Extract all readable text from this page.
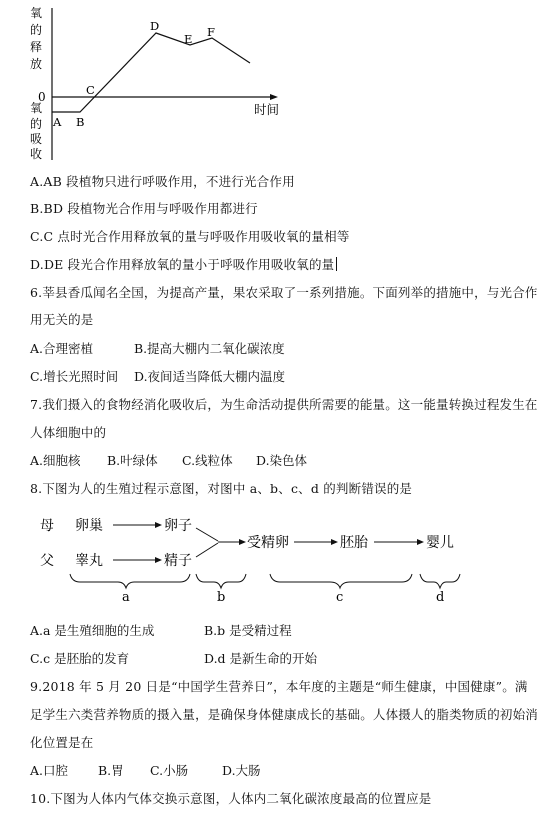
氧
的
释
放
0
氧
的
吸
收
时间
A B
C
D
E F
A.AB 段植物只进行呼吸作用，不进行光合作用
B.BD 段植物光合作用与呼吸作用都进行
C.C 点时光合作用释放氧的量与呼吸作用吸收氧的量相等
D.DE 段光合作用释放氧的量小于呼吸作用吸收氧的量
6.莘县香瓜闻名全国，为提高产量，果农采取了一系列措施。下面列举的措施中，与光合作
用无关的是
A.合理密植	B.提高大棚内二氧化碳浓度
C.增长光照时间 D.夜间适当降低大棚内温度
7.我们摄入的食物经消化吸收后，为生命活动提供所需要的能量。这一能量转换过程发生在
人体细胞中的
A.细胞核 B.叶绿体 C.线粒体 D.染色体
8.下图为人的生殖过程示意图，对图中 a、b、c、d 的判断错误的是
母
父
卵巢
睾丸
卵子
精子
受精卵	胚胎	婴儿
a	b	c	d
A.a 是生殖细胞的生成	B.b 是受精过程
C.c 是胚胎的发育	D.d 是新生命的开始
9.2018 年 5 月 20 日是“中国学生营养日”，本年度的主题是“师生健康，中国健康”。满
足学生六类营养物质的摄入量，是确保身体健康成长的基础。人体摄人的脂类物质的初始消
化位置是在
A.口腔 B.胃 C.小肠	D.大肠
10.下图为人体内气体交换示意图，人体内二氧化碳浓度最高的位置应是
